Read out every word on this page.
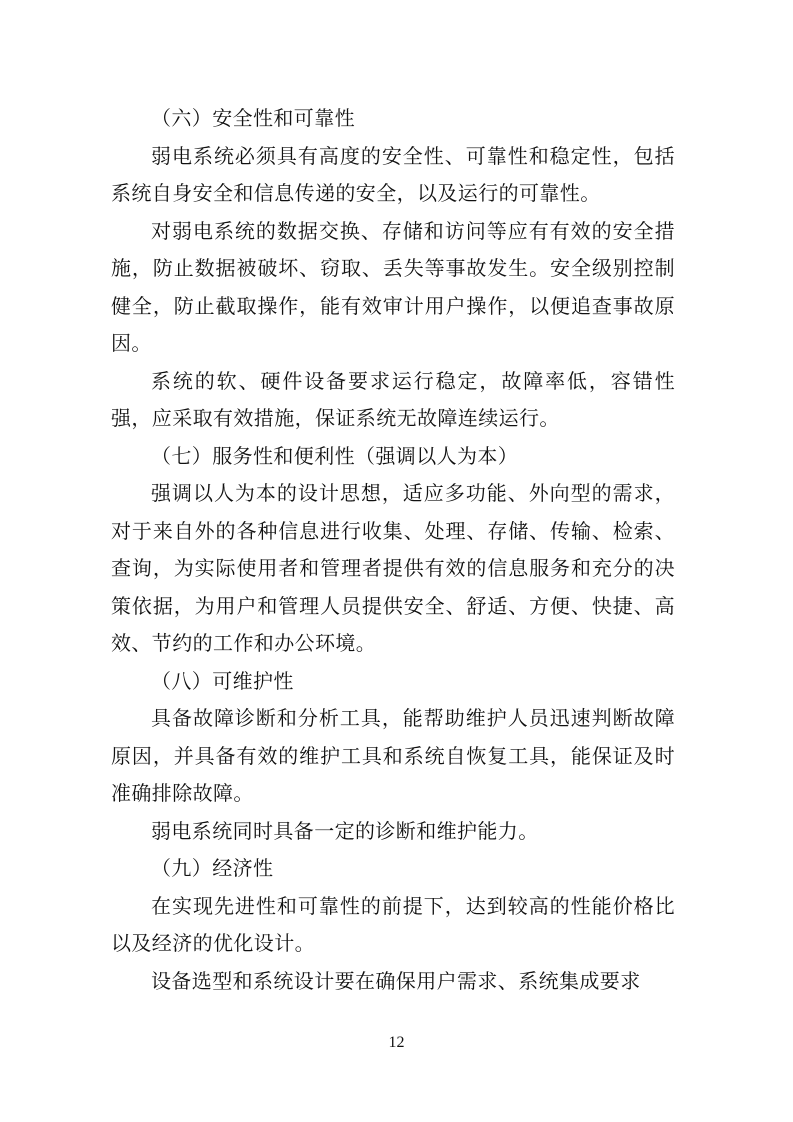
（六）安全性和可靠性

弱电系统必须具有高度的安全性、可靠性和稳定性，包括系统自身安全和信息传递的安全，以及运行的可靠性。

对弱电系统的数据交换、存储和访问等应有有效的安全措施，防止数据被破坏、窃取、丢失等事故发生。安全级别控制健全，防止截取操作，能有效审计用户操作，以便追查事故原因。

系统的软、硬件设备要求运行稳定，故障率低，容错性强，应采取有效措施，保证系统无故障连续运行。

（七）服务性和便利性（强调以人为本）

强调以人为本的设计思想，适应多功能、外向型的需求，对于来自外的各种信息进行收集、处理、存储、传输、检索、查询，为实际使用者和管理者提供有效的信息服务和充分的决策依据，为用户和管理人员提供安全、舒适、方便、快捷、高效、节约的工作和办公环境。

（八）可维护性

具备故障诊断和分析工具，能帮助维护人员迅速判断故障原因，并具备有效的维护工具和系统自恢复工具，能保证及时准确排除故障。

弱电系统同时具备一定的诊断和维护能力。

（九）经济性

在实现先进性和可靠性的前提下，达到较高的性能价格比以及经济的优化设计。

设备选型和系统设计要在确保用户需求、系统集成要求

12
